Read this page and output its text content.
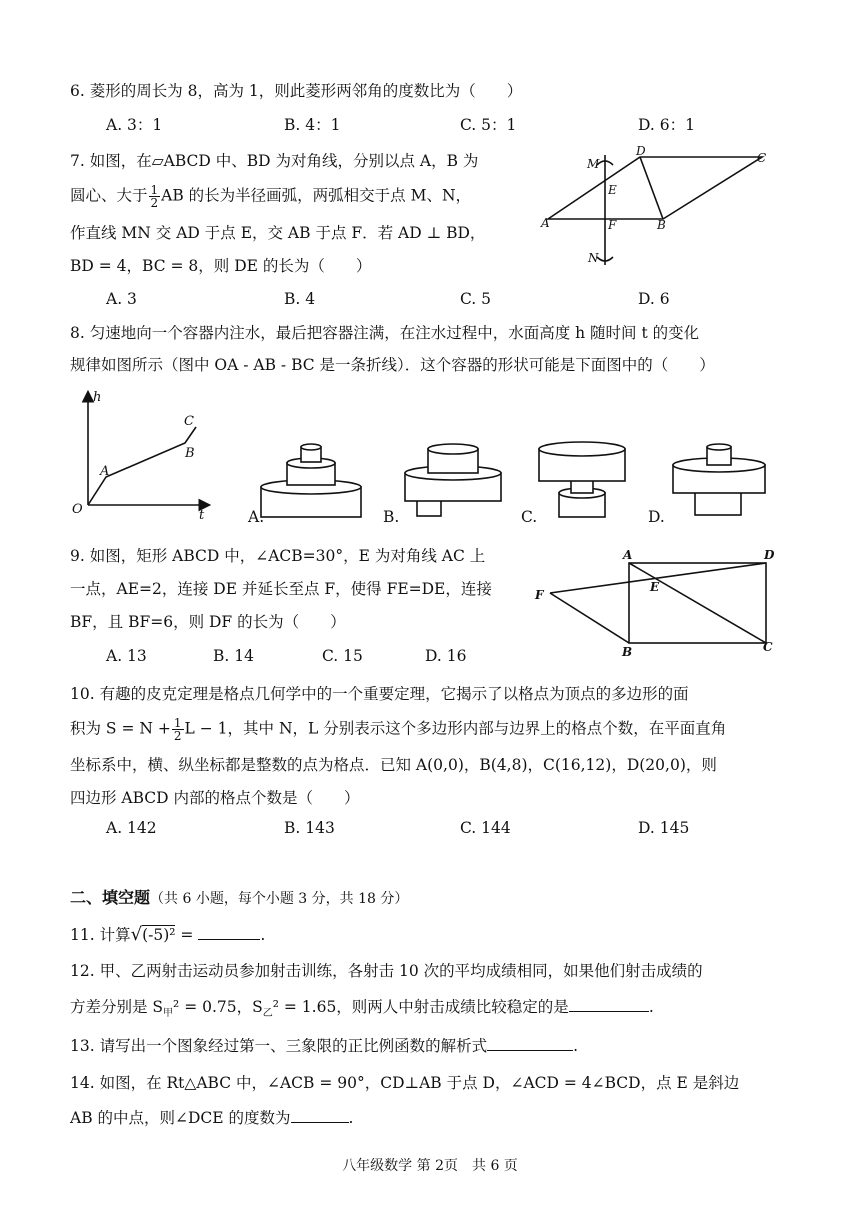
6. 菱形的周长为 8，高为 1，则此菱形两邻角的度数比为（　　）
A. 3：1	B. 4：1	C. 5：1	D. 6：1
7. 如图，在▱ABCD 中、BD 为对角线，分别以点 A，B 为
圆心、大于 $\frac{1}{2}$ AB 的长为半径画弧，两弧相交于点 M、N，
作直线 MN 交 AD 于点 E，交 AB 于点 F．若 AD ⊥ BD，
BD = 4，BC = 8，则 DE 的长为（　　）
A. 3	B. 4	C. 5	D. 6
M
D	C
E
A	F	B
N
8. 匀速地向一个容器内注水，最后把容器注满，在注水过程中，水面高度 h 随时间 t 的变化
规律如图所示（图中 OA - AB - BC 是一条折线）．这个容器的形状可能是下面图中的（　　）
h
t
O
A
B
C
A.	B.	C.	D.
9. 如图，矩形 ABCD 中，∠ACB=30°，E 为对角线 AC 上
一点，AE=2，连接 DE 并延长至点 F，使得 FE=DE，连接
BF，且 BF=6，则 DF 的长为（　　）
A. 13	B. 14	C. 15	D. 16
A	D
E
F
B	C
10. 有趣的皮克定理是格点几何学中的一个重要定理，它揭示了以格点为顶点的多边形的面
积为 $S = N + \frac{1}{2}$ L − 1，其中 N，L 分别表示这个多边形内部与边界上的格点个数，在平面直角
坐标系中，横、纵坐标都是整数的点为格点．已知 A(0,0)，B(4,8)，C(16,12)，D(20,0)，则
四边形 ABCD 内部的格点个数是（　　）
A. 142	B. 143	C. 144	D. 145
二、填空题（共 6 小题，每个小题 3 分，共 18 分）
11. 计算√(-5)² =	.
12. 甲、乙两射击运动员参加射击训练，各射击 10 次的平均成绩相同，如果他们射击成绩的
方差分别是 $S_甲^2 = 0.75$，$S_乙^2 = 1.65$，则两人中射击成绩比较稳定的是	.
13. 请写出一个图象经过第一、三象限的正比例函数的解析式	.
14. 如图，在 Rt△ABC 中，∠ACB = 90°，CD⊥AB 于点 D，∠ACD = 4∠BCD，点 E 是斜边
AB 的中点，则∠DCE 的度数为	.
八年级数学 第 2页　共 6 页
